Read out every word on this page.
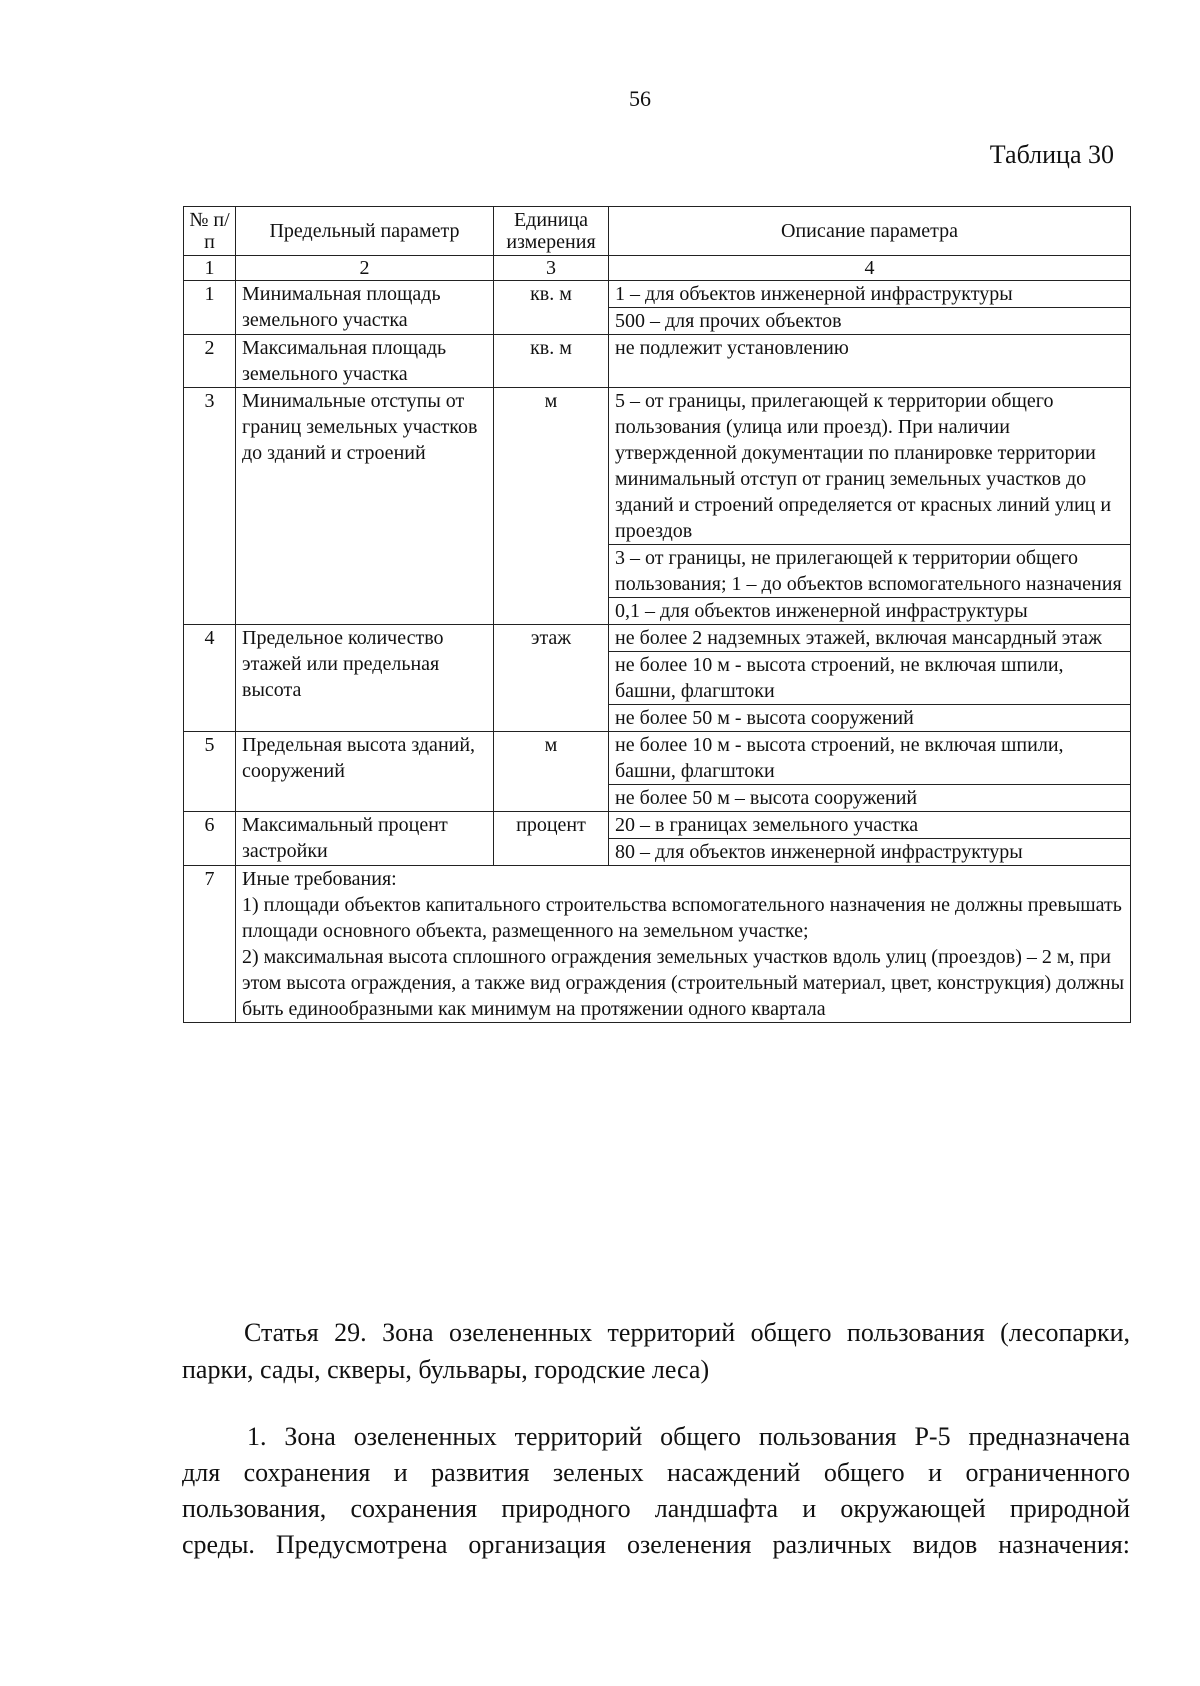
56
Таблица 30
№ п/п	Предельный параметр	Единица измерения	Описание параметра
1	2	3	4
1	Минимальная площадь земельного участка	кв. м	1 – для объектов инженерной инфраструктуры
			500 – для прочих объектов
2	Максимальная площадь земельного участка	кв. м	не подлежит установлению
3	Минимальные отступы от границ земельных участков до зданий и строений	м	5 – от границы, прилегающей к территории общего пользования (улица или проезд). При наличии утвержденной документации по планировке территории минимальный отступ от границ земельных участков до зданий и строений определяется от красных линий улиц и проездов
			3 – от границы, не прилегающей к территории общего пользования; 1 – до объектов вспомогательного назначения
			0,1 – для объектов инженерной инфраструктуры
4	Предельное количество этажей или предельная высота	этаж	не более 2 надземных этажей, включая мансардный этаж
			не более 10 м - высота строений, не включая шпили, башни, флагштоки
			не более 50 м - высота сооружений
5	Предельная высота зданий, сооружений	м	не более 10 м - высота строений, не включая шпили, башни, флагштоки
			не более 50 м – высота сооружений
6	Максимальный процент застройки	процент	20 – в границах земельного участка
			80 – для объектов инженерной инфраструктуры
7	Иные требования:
1) площади объектов капитального строительства вспомогательного назначения не должны превышать площади основного объекта, размещенного на земельном участке;
2) максимальная высота сплошного ограждения земельных участков вдоль улиц (проездов) – 2 м, при этом высота ограждения, а также вид ограждения (строительный материал, цвет, конструкция) должны быть единообразными как минимум на протяжении одного квартала		
Статья 29. Зона озелененных территорий общего пользования (лесопарки, парки, сады, скверы, бульвары, городские леса)
1. Зона озелененных территорий общего пользования Р-5 предназначена
для сохранения и развития зеленых насаждений общего и ограниченного
пользования, сохранения природного ландшафта и окружающей природной
среды. Предусмотрена организация озеленения различных видов назначения:
